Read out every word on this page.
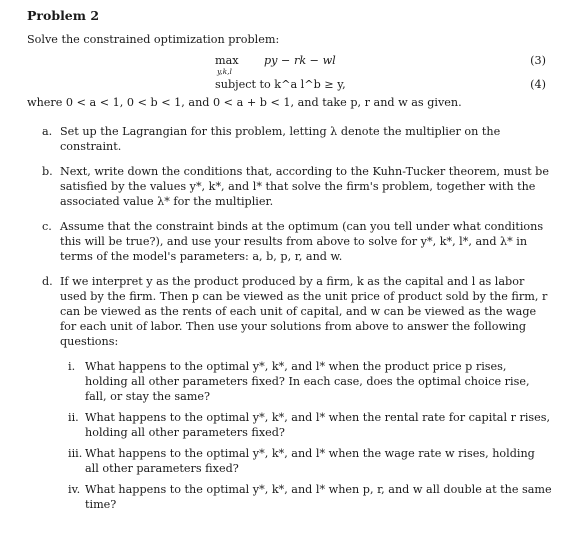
Problem 2
Solve the constrained optimization problem:
max
y,k,l
py − rk − wl
subject to k^a l^b ≥ y,
(3)
(4)
where 0 < a < 1, 0 < b < 1, and 0 < a + b < 1, and take p, r and w as given.
a. Set up the Lagrangian for this problem, letting λ denote the multiplier on the constraint.
b. Next, write down the conditions that, according to the Kuhn-Tucker theorem, must be satisfied by the values y*, k*, and l* that solve the firm's problem, together with the associated value λ* for the multiplier.
c. Assume that the constraint binds at the optimum (can you tell under what conditions this will be true?), and use your results from above to solve for y*, k*, l*, and λ* in terms of the model's parameters: a, b, p, r, and w.
d. If we interpret y as the product produced by a firm, k as the capital and l as labor used by the firm. Then p can be viewed as the unit price of product sold by the firm, r can be viewed as the rents of each unit of capital, and w can be viewed as the wage for each unit of labor. Then use your solutions from above to answer the following questions:
i. What happens to the optimal y*, k*, and l* when the product price p rises, holding all other parameters fixed? In each case, does the optimal choice rise, fall, or stay the same?
ii. What happens to the optimal y*, k*, and l* when the rental rate for capital r rises, holding all other parameters fixed?
iii. What happens to the optimal y*, k*, and l* when the wage rate w rises, holding all other parameters fixed?
iv. What happens to the optimal y*, k*, and l* when p, r, and w all double at the same time?
